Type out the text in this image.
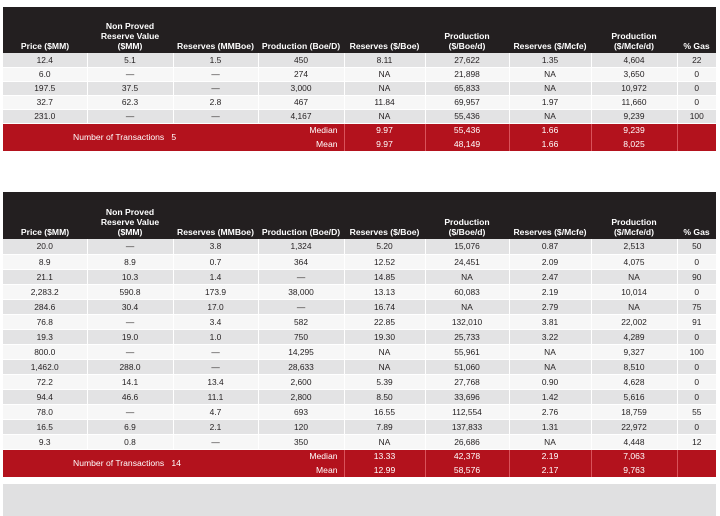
Price ($MM)	Non Proved Reserve Value ($MM)	Reserves (MMBoe)	Production (Boe/D)	Reserves ($/Boe)	Production ($/Boe/d)	Reserves ($/Mcfe)	Production ($/Mcfe/d)	% Gas
12.4	5.1	1.5	450	8.11	27,622	1.35	4,604	22
6.0	—	—	274	NA	21,898	NA	3,650	0
197.5	37.5	—	3,000	NA	65,833	NA	10,972	0
32.7	62.3	2.8	467	11.84	69,957	1.97	11,660	0
231.0	—	—	4,167	NA	55,436	NA	9,239	100
Number of Transactions 5			Median	9.97	55,436	1.66	9,239	
			Mean	9.97	48,149	1.66	8,025	
Price ($MM)	Non Proved Reserve Value ($MM)	Reserves (MMBoe)	Production (Boe/D)	Reserves ($/Boe)	Production ($/Boe/d)	Reserves ($/Mcfe)	Production ($/Mcfe/d)	% Gas
20.0	—	3.8	1,324	5.20	15,076	0.87	2,513	50
8.9	8.9	0.7	364	12.52	24,451	2.09	4,075	0
21.1	10.3	1.4	—	14.85	NA	2.47	NA	90
2,283.2	590.8	173.9	38,000	13.13	60,083	2.19	10,014	0
284.6	30.4	17.0	—	16.74	NA	2.79	NA	75
76.8	—	3.4	582	22.85	132,010	3.81	22,002	91
19.3	19.0	1.0	750	19.30	25,733	3.22	4,289	0
800.0	—	—	14,295	NA	55,961	NA	9,327	100
1,462.0	288.0	—	28,633	NA	51,060	NA	8,510	0
72.2	14.1	13.4	2,600	5.39	27,768	0.90	4,628	0
94.4	46.6	11.1	2,800	8.50	33,696	1.42	5,616	0
78.0	—	4.7	693	16.55	112,554	2.76	18,759	55
16.5	6.9	2.1	120	7.89	137,833	1.31	22,972	0
9.3	0.8	—	350	NA	26,686	NA	4,448	12
Number of Transactions 14			Median	13.33	42,378	2.19	7,063	
			Mean	12.99	58,576	2.17	9,763	
